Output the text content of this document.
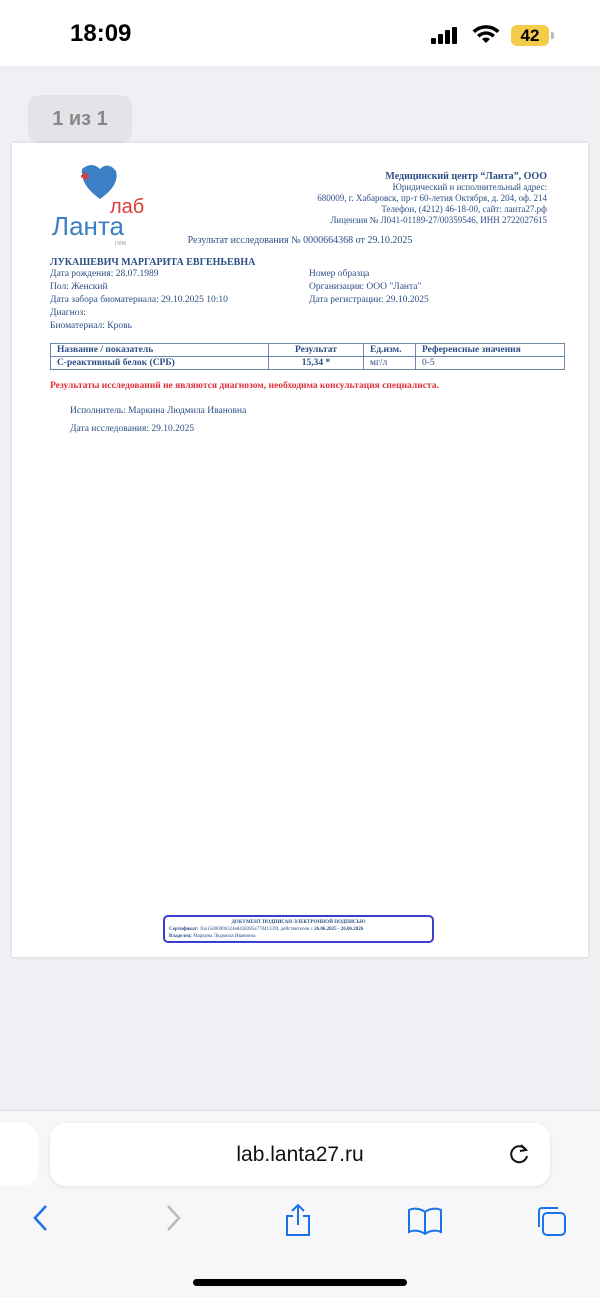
18:09	42
1 из 1
лаб
Ланта
1998
Медицинский центр “Ланта”, ООО
Юридический и исполнительный адрес:
680009, г. Хабаровск, пр-т 60-летия Октября, д. 204, оф. 214
Телефон, (4212) 46-18-00, сайт: ланта27.рф
Лицензия № Л041-01189-27/00359546, ИНН 2722027615
Результат исследования № 0000664368 от 29.10.2025
ЛУКАШЕВИЧ МАРГАРИТА ЕВГЕНЬЕВНА
Дата рождения: 28.07.1989
Пол: Женский
Дата забора биоматериала: 29.10.2025 10:10
Диагноз:
Биоматериал: Кровь
Номер образца
Организация: ООО "Ланта"
Дата регистрации: 29.10.2025
Название / показатель	Результат	Ед.изм.	Референсные значения
С-реактивный белок (СРБ)	15,34 *	мг/л	0-5
Результаты исследований не являются диагнозом, необходима консультация специалиста.
Исполнитель: Маркина Людмила Ивановна
Дата исследования: 29.10.2025
ДОКУМЕНТ ПОДПИСАН ЭЛЕКТРОННОЙ ПОДПИСЬЮ
Сертификат: 3ba15d0000b324e8438285a77041339f, действителен с 26.06.2025 - 26.06.2026
Владелец: Маркина Людмила Ивановна
lab.lanta27.ru
